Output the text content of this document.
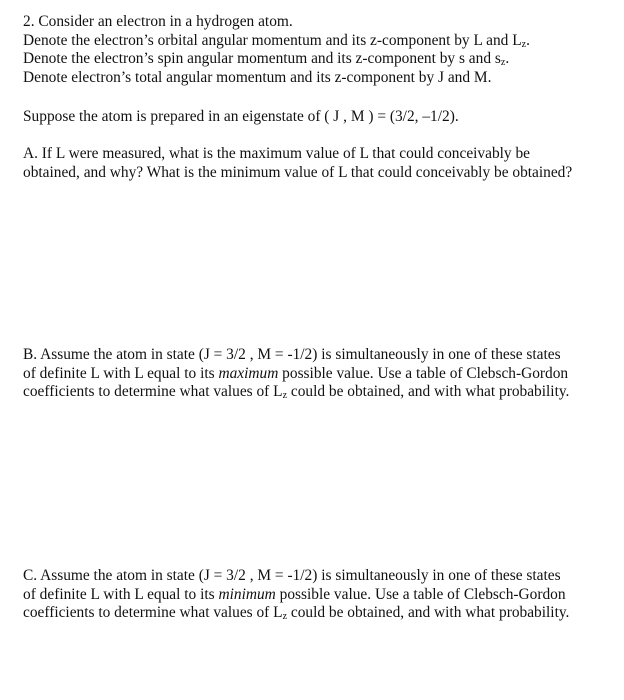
2. Consider an electron in a hydrogen atom.
Denote the electron’s orbital angular momentum and its z-component by L and $L_z$.
Denote the electron’s spin angular momentum and its z-component by s and $s_z$.
Denote electron’s total angular momentum and its z-component by J and M.
Suppose the atom is prepared in an eigenstate of ( J , M ) = (3/2, –1/2).
A. If L were measured, what is the maximum value of L that could conceivably be
obtained, and why? What is the minimum value of L that could conceivably be obtained?
B. Assume the atom in state (J = 3/2 , M = -1/2) is simultaneously in one of these states
of definite L with L equal to its maximum possible value. Use a table of Clebsch-Gordon
coefficients to determine what values of $L_z$ could be obtained, and with what probability.
C. Assume the atom in state (J = 3/2 , M = -1/2) is simultaneously in one of these states
of definite L with L equal to its minimum possible value. Use a table of Clebsch-Gordon
coefficients to determine what values of $L_z$ could be obtained, and with what probability.
